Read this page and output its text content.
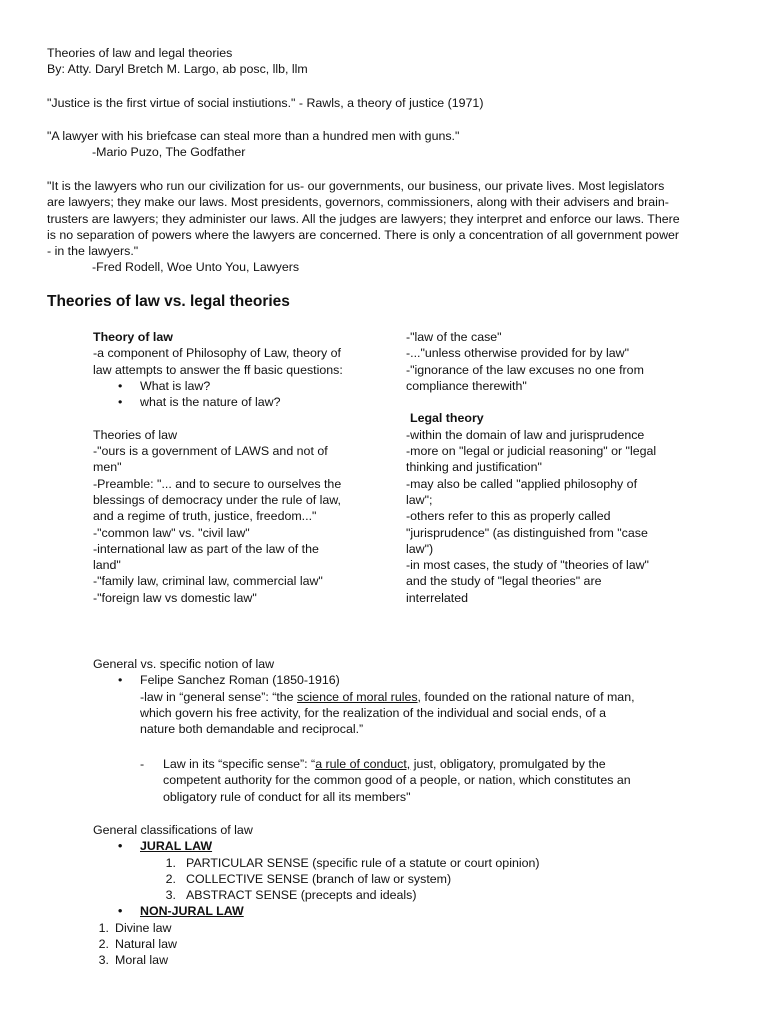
Theories of law and legal theories
By: Atty. Daryl Bretch M. Largo, ab posc, llb, llm
"Justice is the first virtue of social instiutions." - Rawls, a theory of justice (1971)
"A lawyer with his briefcase can steal more than a hundred men with guns."
-Mario Puzo, The Godfather
"It is the lawyers who run our civilization for us- our governments, our business, our private lives. Most legislators
are lawyers; they make our laws. Most presidents, governors, commissioners, along with their advisers and brain-
trusters are lawyers; they administer our laws. All the judges are lawyers; they interpret and enforce our laws. There
is no separation of powers where the lawyers are concerned. There is only a concentration of all government power
- in the lawyers."
-Fred Rodell, Woe Unto You, Lawyers
Theories of law vs. legal theories
Theory of law
-a component of Philosophy of Law, theory of
law attempts to answer the ff basic questions:
• What is law?
• what is the nature of law?
Theories of law
-"ours is a government of LAWS and not of
men"
-Preamble: "... and to secure to ourselves the
blessings of democracy under the rule of law,
and a regime of truth, justice, freedom..."
-"common law" vs. "civil law"
-international law as part of the law of the
land"
-"family law, criminal law, commercial law"
-"foreign law vs domestic law"
-"law of the case"
-..."unless otherwise provided for by law"
-"ignorance of the law excuses no one from
compliance therewith"
Legal theory
-within the domain of law and jurisprudence
-more on "legal or judicial reasoning" or "legal
thinking and justification"
-may also be called "applied philosophy of
law";
-others refer to this as properly called
"jurisprudence" (as distinguished from "case
law")
-in most cases, the study of "theories of law"
and the study of "legal theories" are
interrelated
General vs. specific notion of law
• Felipe Sanchez Roman (1850-1916)
-law in “general sense”: “the science of moral rules, founded on the rational nature of man,
which govern his free activity, for the realization of the individual and social ends, of a
nature both demandable and reciprocal.”
- Law in its “specific sense”: “a rule of conduct, just, obligatory, promulgated by the
competent authority for the common good of a people, or nation, which constitutes an
obligatory rule of conduct for all its members"
General classifications of law
• JURAL LAW
1. PARTICULAR SENSE (specific rule of a statute or court opinion)
2. COLLECTIVE SENSE (branch of law or system)
3. ABSTRACT SENSE (precepts and ideals)
• NON-JURAL LAW
1. Divine law
2. Natural law
3. Moral law
